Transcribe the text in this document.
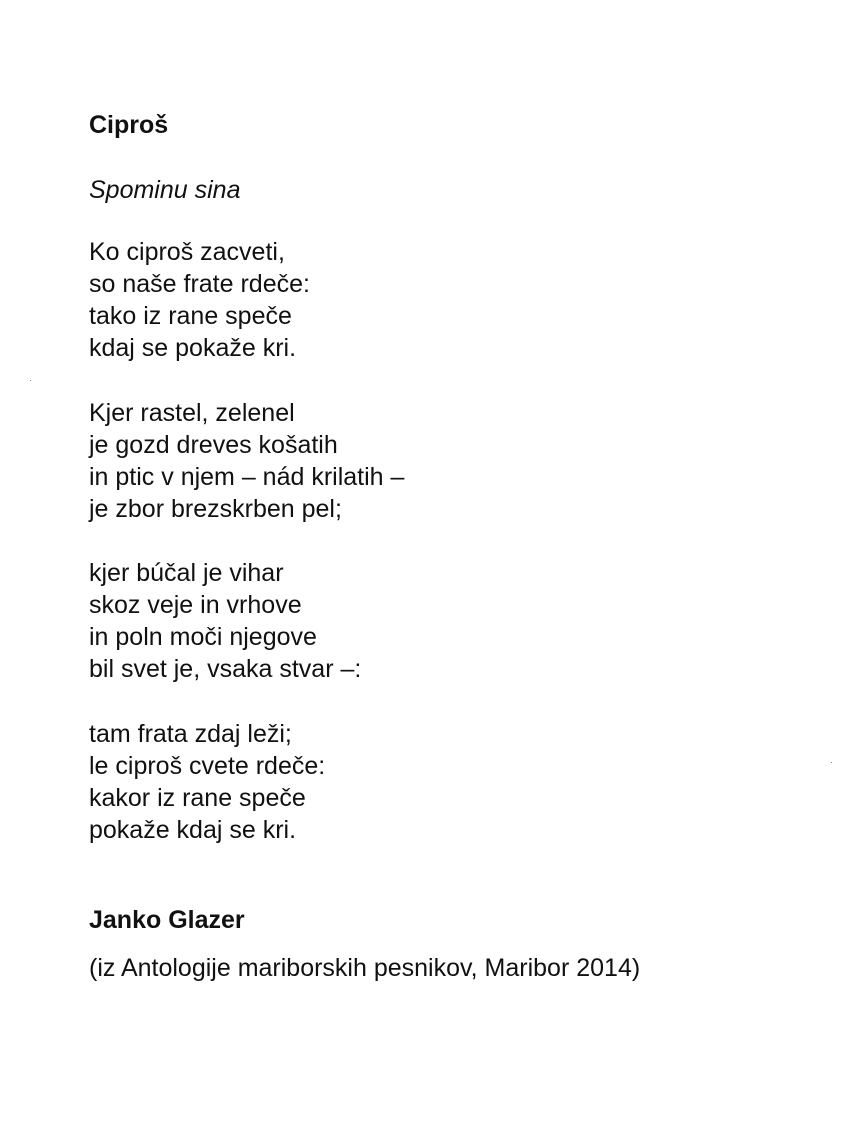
Ciproš
Spominu sina
Ko ciproš zacveti,
so naše frate rdeče:
tako iz rane speče
kdaj se pokaže kri.
Kjer rastel, zelenel
je gozd dreves košatih
in ptic v njem – nád krilatih –
je zbor brezskrben pel;
kjer búčal je vihar
skoz veje in vrhove
in poln moči njegove
bil svet je, vsaka stvar –:
tam frata zdaj leži;
le ciproš cvete rdeče:
kakor iz rane speče
pokaže kdaj se kri.
Janko Glazer
(iz Antologije mariborskih pesnikov, Maribor 2014)
